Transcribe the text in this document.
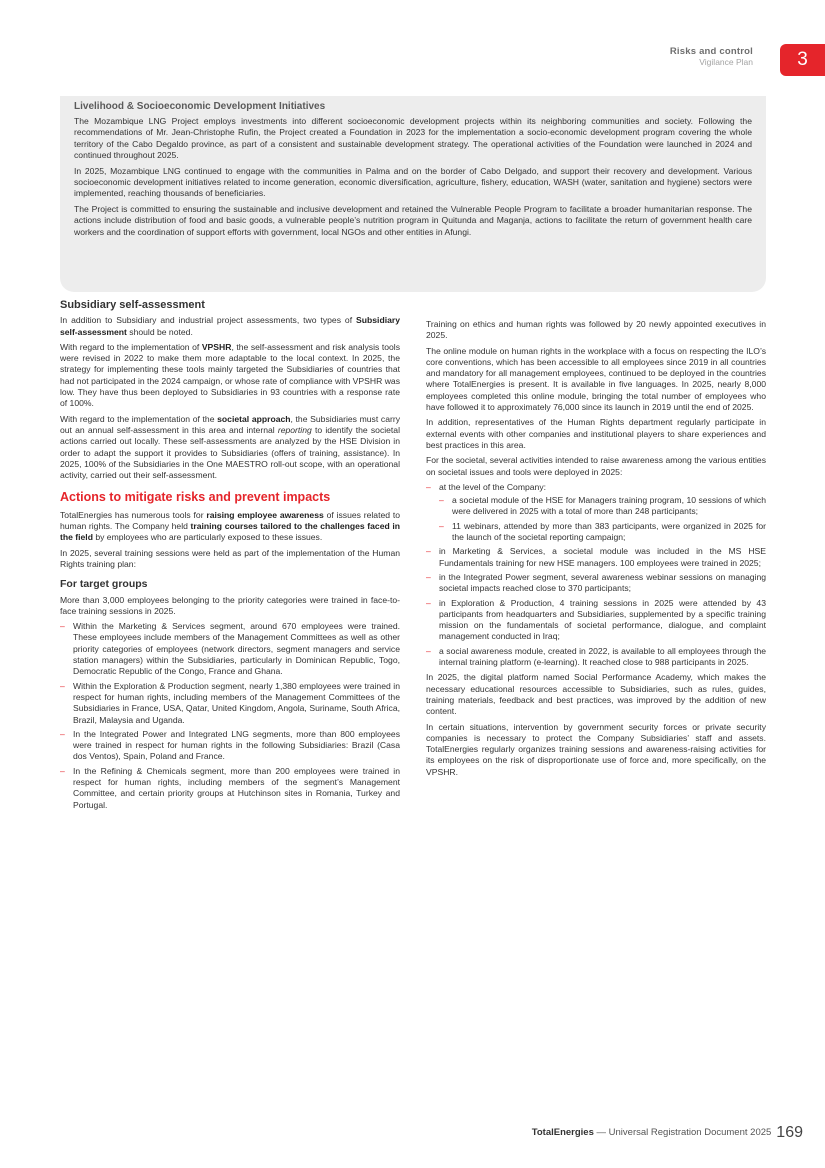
Risks and control
Vigilance Plan	3
Livelihood & Socioeconomic Development Initiatives

The Mozambique LNG Project employs investments into different socioeconomic development projects within its neighboring communities and society. Following the recommendations of Mr. Jean-Christophe Rufin, the Project created a Foundation in 2023 for the implementation a socio-economic development program covering the whole territory of the Cabo Degaldo province, as part of a consistent and sustainable development strategy. The operational activities of the Foundation were launched in 2024 and continued throughout 2025.

In 2025, Mozambique LNG continued to engage with the communities in Palma and on the border of Cabo Delgado, and support their recovery and development. Various socioeconomic development initiatives related to income generation, economic diversification, agriculture, fishery, education, WASH (water, sanitation and hygiene) sectors were implemented, reaching thousands of beneficiaries.

The Project is committed to ensuring the sustainable and inclusive development and retained the Vulnerable People Program to facilitate a broader humanitarian response. The actions include distribution of food and basic goods, a vulnerable people’s nutrition program in Quitunda and Maganja, actions to facilitate the return of government health care workers and the coordination of support efforts with government, local NGOs and other entities in Afungi.

Subsidiary self-assessment

In addition to Subsidiary and industrial project assessments, two types of Subsidiary self-assessment should be noted.

With regard to the implementation of VPSHR, the self-assessment and risk analysis tools were revised in 2022 to make them more adaptable to the local context. In 2025, the strategy for implementing these tools mainly targeted the Subsidiaries of countries that had not participated in the 2024 campaign, or whose rate of compliance with VPSHR was low. They have thus been deployed to Subsidiaries in 93 countries with a response rate of 100%.

With regard to the implementation of the societal approach, the Subsidiaries must carry out an annual self-assessment in this area and internal reporting to identify the societal actions carried out locally. These self-assessments are analyzed by the HSE Division in order to adapt the support it provides to Subsidiaries (offers of training, assistance). In 2025, 100% of the Subsidiaries in the One MAESTRO roll-out scope, with an operational activity, carried out their self-assessment.

Actions to mitigate risks and prevent impacts

TotalEnergies has numerous tools for raising employee awareness of issues related to human rights. The Company held training courses tailored to the challenges faced in the field by employees who are particularly exposed to these issues.

In 2025, several training sessions were held as part of the implementation of the Human Rights training plan:

For target groups

More than 3,000 employees belonging to the priority categories were trained in face-to-face training sessions in 2025.

– Within the Marketing & Services segment, around 670 employees were trained. These employees include members of the Management Committees as well as other priority categories of employees (network directors, segment managers and service station managers) within the Subsidiaries, particularly in Dominican Republic, Togo, Democratic Republic of the Congo, France and Ghana.
– Within the Exploration & Production segment, nearly 1,380 employees were trained in respect for human rights, including members of the Management Committees of the Subsidiaries in France, USA, Qatar, United Kingdom, Angola, Suriname, South Africa, Brazil, Malaysia and Uganda.
– In the Integrated Power and Integrated LNG segments, more than 800 employees were trained in respect for human rights in the following Subsidiaries: Brazil (Casa dos Ventos), Spain, Poland and France.
– In the Refining & Chemicals segment, more than 200 employees were trained in respect for human rights, including members of the segment’s Management Committee, and certain priority groups at Hutchinson sites in Romania, Turkey and Portugal.

Training on ethics and human rights was followed by 20 newly appointed executives in 2025.

The online module on human rights in the workplace with a focus on respecting the ILO’s core conventions, which has been accessible to all employees since 2019 in all countries and mandatory for all management employees, continued to be deployed in the countries where TotalEnergies is present. It is available in five languages. In 2025, nearly 8,000 employees completed this online module, bringing the total number of employees who have followed it to approximately 76,000 since its launch in 2019 until the end of 2025.

In addition, representatives of the Human Rights department regularly participate in external events with other companies and institutional players to share experiences and best practices in this area.

For the societal, several activities intended to raise awareness among the various entities on societal issues and tools were deployed in 2025:

– at the level of the Company:
– a societal module of the HSE for Managers training program, 10 sessions of which were delivered in 2025 with a total of more than 248 participants;
– 11 webinars, attended by more than 383 participants, were organized in 2025 for the launch of the societal reporting campaign;
– in Marketing & Services, a societal module was included in the MS HSE Fundamentals training for new HSE managers. 100 employees were trained in 2025;
– in the Integrated Power segment, several awareness webinar sessions on managing societal impacts reached close to 370 participants;
– in Exploration & Production, 4 training sessions in 2025 were attended by 43 participants from headquarters and Subsidiaries, supplemented by a specific training mission on the fundamentals of societal performance, dialogue, and complaint management conducted in Iraq;
– a social awareness module, created in 2022, is available to all employees through the internal training platform (e-learning). It reached close to 988 participants in 2025.

In 2025, the digital platform named Social Performance Academy, which makes the necessary educational resources accessible to Subsidiaries, such as rules, guides, training materials, feedback and best practices, was improved by the addition of new content.

In certain situations, intervention by government security forces or private security companies is necessary to protect the Company Subsidiaries’ staff and assets. TotalEnergies regularly organizes training sessions and awareness-raising activities for its employees on the risk of disproportionate use of force and, more specifically, on the VPSHR.

TotalEnergies — Universal Registration Document 2025 169
